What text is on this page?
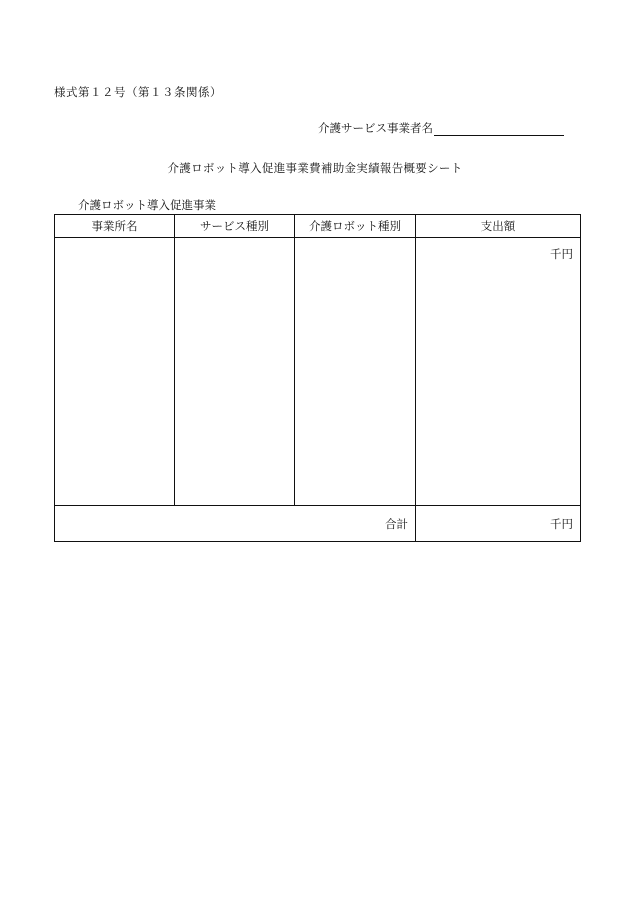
様式第１２号（第１３条関係）
介護サービス事業者名
介護ロボット導入促進事業費補助金実績報告概要シート
介護ロボット導入促進事業
事業所名	サービス種別	介護ロボット種別	支出額
			千円
合計			千円
